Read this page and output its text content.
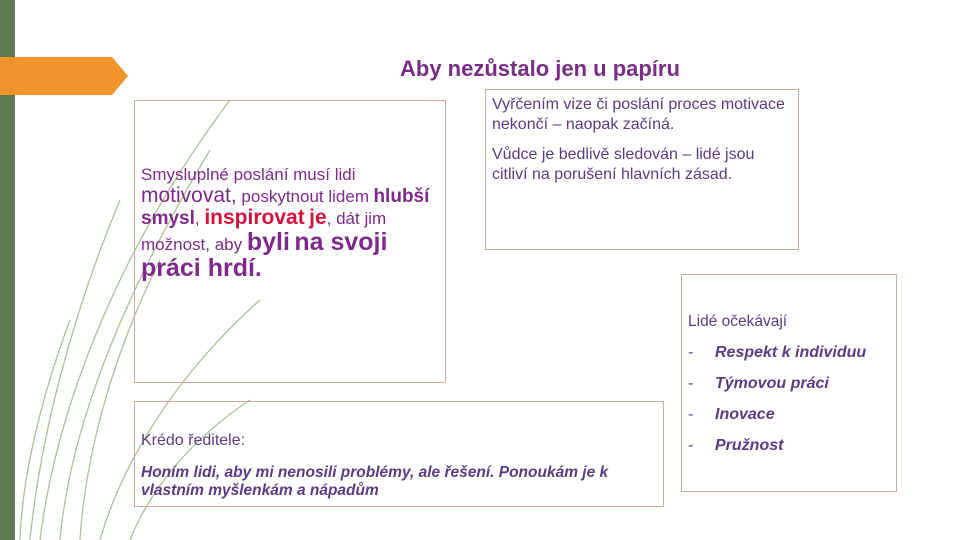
Aby nezůstalo jen u papíru
Smysluplné poslání musí lidi motivovat, poskytnout lidem hlubší smysl, inspirovat je, dát jim možnost, aby byli na svoji práci hrdí.

Vyřčením vize či poslání proces motivace nekončí – naopak začíná.

Vůdce je bedlivě sledován – lidé jsou citliví na porušení hlavních zásad.

Krédo ředitele:
Honím lidi, aby mi nenosili problémy, ale řešení. Ponoukám je k vlastním myšlenkám a nápadům
Lidé očekávají
- Respekt k individuu
- Týmovou práci
- Inovace
- Pružnost
